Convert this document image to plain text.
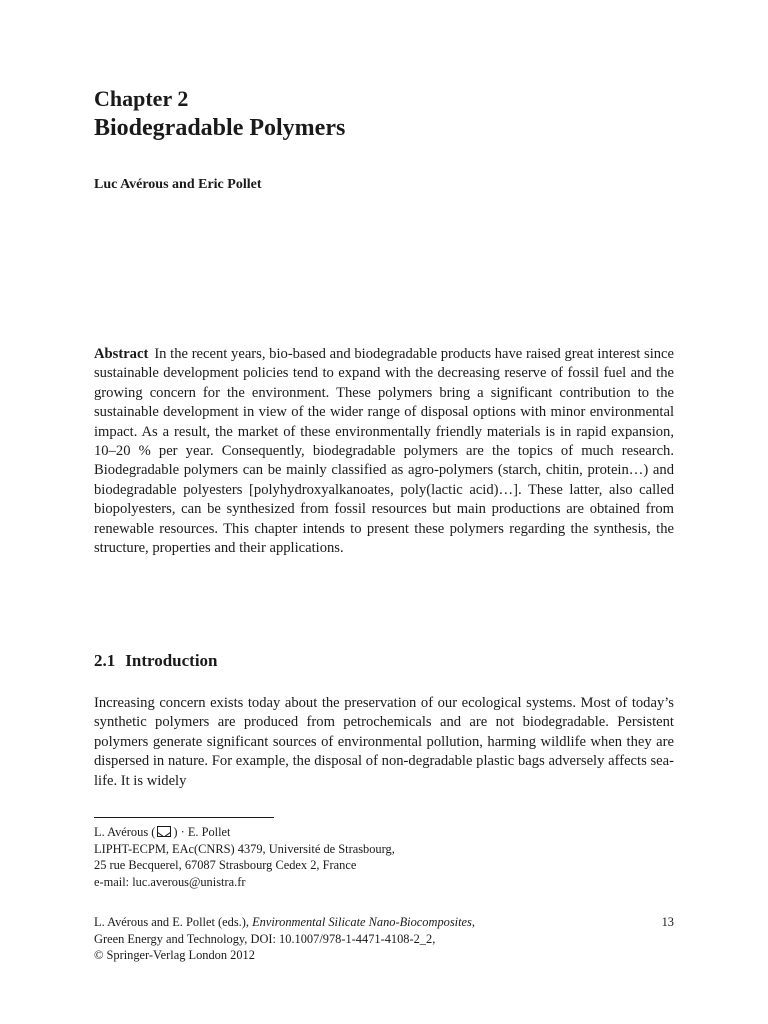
Chapter 2
Biodegradable Polymers
Luc Avérous and Eric Pollet

Abstract In the recent years, bio-based and biodegradable products have raised great interest since sustainable development policies tend to expand with the decreasing reserve of fossil fuel and the growing concern for the environment. These polymers bring a significant contribution to the sustainable development in view of the wider range of disposal options with minor environmental impact. As a result, the market of these environmentally friendly materials is in rapid expansion, 10–20 % per year. Consequently, biodegradable polymers are the topics of much research. Biodegradable polymers can be mainly classified as agro-polymers (starch, chitin, protein…) and biodegradable polyesters [polyhydroxyalkanoates, poly(lactic acid)…]. These latter, also called biopolyesters, can be synthesized from fossil resources but main productions are obtained from renewable resources. This chapter intends to present these polymers regarding the synthesis, the structure, properties and their applications.

2.1 Introduction

Increasing concern exists today about the preservation of our ecological systems. Most of today’s synthetic polymers are produced from petrochemicals and are not biodegradable. Persistent polymers generate significant sources of environmental pollution, harming wildlife when they are dispersed in nature. For example, the disposal of non-degradable plastic bags adversely affects sea-life. It is widely

L. Avérous ( ) · E. Pollet
LIPHT-ECPM, EAc(CNRS) 4379, Université de Strasbourg,
25 rue Becquerel, 67087 Strasbourg Cedex 2, France
e-mail: luc.averous@unistra.fr
L. Avérous and E. Pollet (eds.), Environmental Silicate Nano-Biocomposites,
Green Energy and Technology, DOI: 10.1007/978-1-4471-4108-2_2,
© Springer-Verlag London 2012
13
